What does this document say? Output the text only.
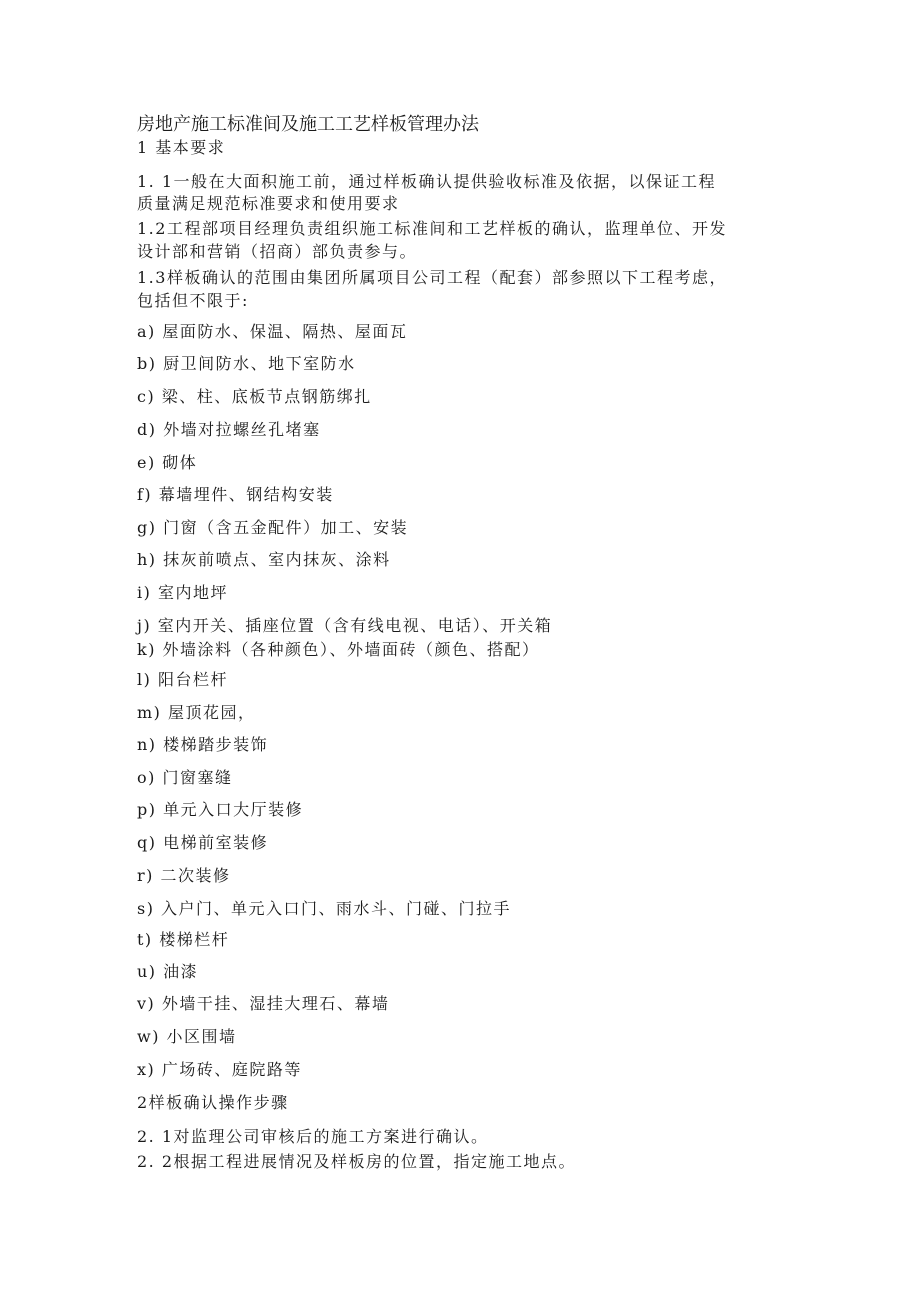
房地产施工标准间及施工工艺样板管理办法
1 基本要求
1. 1一般在大面积施工前，通过样板确认提供验收标准及依据，以保证工程
质量满足规范标准要求和使用要求
1.2工程部项目经理负责组织施工标准间和工艺样板的确认，监理单位、开发
设计部和营销（招商）部负责参与。
1.3样板确认的范围由集团所属项目公司工程（配套）部参照以下工程考虑，
包括但不限于:
a) 屋面防水、保温、隔热、屋面瓦
b) 厨卫间防水、地下室防水
c) 梁、柱、底板节点钢筋绑扎
d) 外墙对拉螺丝孔堵塞
e) 砌体
f) 幕墙埋件、钢结构安装
g) 门窗（含五金配件）加工、安装
h) 抹灰前喷点、室内抹灰、涂料
i) 室内地坪
j) 室内开关、插座位置（含有线电视、电话）、开关箱
k) 外墙涂料（各种颜色）、外墙面砖（颜色、搭配）
l) 阳台栏杆
m) 屋顶花园，
n) 楼梯踏步装饰
o) 门窗塞缝
p) 单元入口大厅装修
q) 电梯前室装修
r) 二次装修
s) 入户门、单元入口门、雨水斗、门碰、门拉手
t) 楼梯栏杆
u) 油漆
v) 外墙干挂、湿挂大理石、幕墙
w) 小区围墙
x) 广场砖、庭院路等
2样板确认操作步骤
2. 1对监理公司审核后的施工方案进行确认。
2. 2根据工程进展情况及样板房的位置，指定施工地点。
